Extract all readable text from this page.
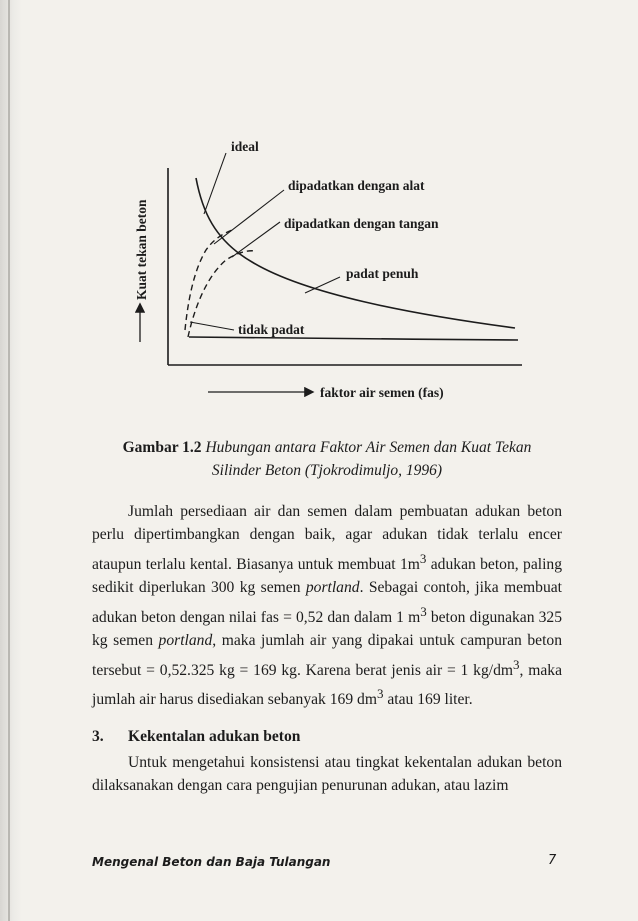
Kuat tekan beton
faktor air semen (fas)
ideal
dipadatkan dengan alat
dipadatkan dengan tangan
padat penuh
tidak padat
Gambar 1.2 Hubungan antara Faktor Air Semen dan Kuat Tekan
Silinder Beton (Tjokrodimuljo, 1996)
Jumlah persediaan air dan semen dalam pembuatan adukan beton perlu dipertimbangkan dengan baik, agar adukan tidak terlalu encer ataupun terlalu kental. Biasanya untuk membuat $1m^3$ adukan beton, paling sedikit diperlukan 300 kg semen portland. Sebagai contoh, jika membuat adukan beton dengan nilai fas = 0,52 dan dalam 1 $m^3$ beton digunakan 325 kg semen portland, maka jumlah air yang dipakai untuk campuran beton tersebut = 0,52.325 kg = 169 kg. Karena berat jenis air = 1 $kg/dm^3$, maka jumlah air harus disediakan sebanyak 169 $dm^3$ atau 169 liter.
3. Kekentalan adukan beton
Untuk mengetahui konsistensi atau tingkat kekentalan adukan beton dilaksanakan dengan cara pengujian penurunan adukan, atau lazim
Mengenal Beton dan Baja Tulangan	7
